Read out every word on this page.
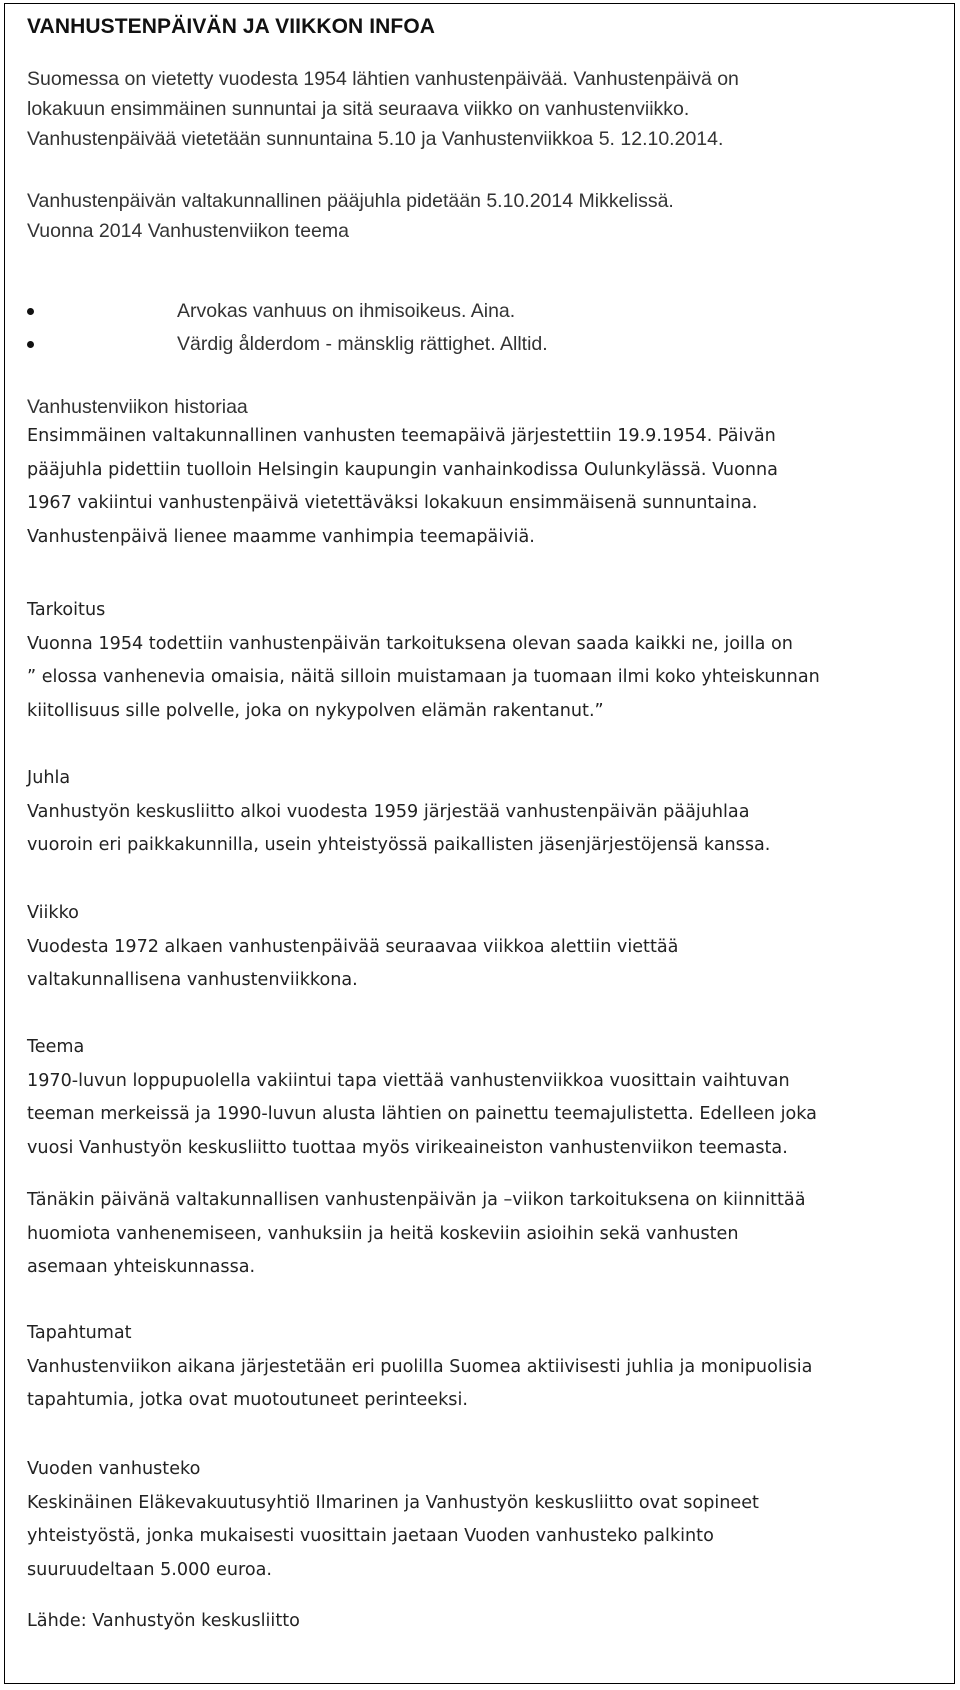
VANHUSTENPÄIVÄN JA VIIKKON INFOA
Suomessa on vietetty vuodesta 1954 lähtien vanhustenpäivää. Vanhustenpäivä on
lokakuun ensimmäinen sunnuntai ja sitä seuraava viikko on vanhustenviikko.
Vanhustenpäivää vietetään sunnuntaina 5.10 ja Vanhustenviikkoa 5. 12.10.2014.
Vanhustenpäivän valtakunnallinen pääjuhla pidetään 5.10.2014 Mikkelissä.
Vuonna 2014 Vanhustenviikon teema
Arvokas vanhuus on ihmisoikeus. Aina.
Värdig ålderdom - mänsklig rättighet. Alltid.
Vanhustenviikon historiaa
Ensimmäinen valtakunnallinen vanhusten teemapäivä järjestettiin 19.9.1954. Päivän
pääjuhla pidettiin tuolloin Helsingin kaupungin vanhainkodissa Oulunkylässä. Vuonna
1967 vakiintui vanhustenpäivä vietettäväksi lokakuun ensimmäisenä sunnuntaina.
Vanhustenpäivä lienee maamme vanhimpia teemapäiviä.
Tarkoitus
Vuonna 1954 todettiin vanhustenpäivän tarkoituksena olevan saada kaikki ne, joilla on
” elossa vanhenevia omaisia, näitä silloin muistamaan ja tuomaan ilmi koko yhteiskunnan
kiitollisuus sille polvelle, joka on nykypolven elämän rakentanut.”
Juhla
Vanhustyön keskusliitto alkoi vuodesta 1959 järjestää vanhustenpäivän pääjuhlaa
vuoroin eri paikkakunnilla, usein yhteistyössä paikallisten jäsenjärjestöjensä kanssa.
Viikko
Vuodesta 1972 alkaen vanhustenpäivää seuraavaa viikkoa alettiin viettää
valtakunnallisena vanhustenviikkona.
Teema
1970-luvun loppupuolella vakiintui tapa viettää vanhustenviikkoa vuosittain vaihtuvan
teeman merkeissä ja 1990-luvun alusta lähtien on painettu teemajulistetta. Edelleen joka
vuosi Vanhustyön keskusliitto tuottaa myös virikeaineiston vanhustenviikon teemasta.
Tänäkin päivänä valtakunnallisen vanhustenpäivän ja –viikon tarkoituksena on kiinnittää
huomiota vanhenemiseen, vanhuksiin ja heitä koskeviin asioihin sekä vanhusten
asemaan yhteiskunnassa.
Tapahtumat
Vanhustenviikon aikana järjestetään eri puolilla Suomea aktiivisesti juhlia ja monipuolisia
tapahtumia, jotka ovat muotoutuneet perinteeksi.
Vuoden vanhusteko
Keskinäinen Eläkevakuutusyhtiö Ilmarinen ja Vanhustyön keskusliitto ovat sopineet
yhteistyöstä, jonka mukaisesti vuosittain jaetaan Vuoden vanhusteko palkinto
suuruudeltaan 5.000 euroa.
Lähde: Vanhustyön keskusliitto
